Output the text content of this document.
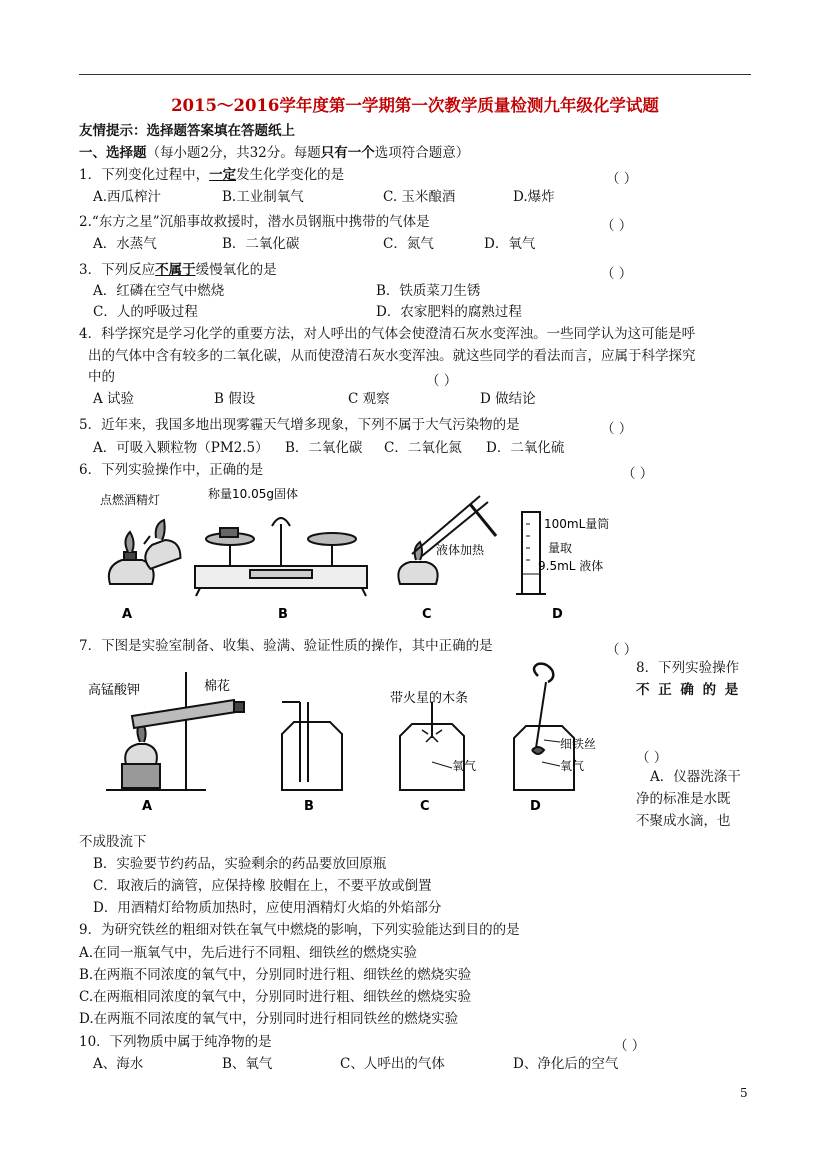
2015～2016学年度第一学期第一次教学质量检测九年级化学试题
友情提示：选择题答案填在答题纸上
一、选择题（每小题2分，共32分。每题只有一个选项符合题意）
1．下列变化过程中，一定发生化学变化的是	（ ）
A.西瓜榨汁	B.工业制氧气	C. 玉米酿酒	D.爆炸
2.“东方之星”沉船事故救援时，潜水员钢瓶中携带的气体是	（ ）
A．水蒸气	B．二氧化碳	C．氮气	D．氧气
3．下列反应不属于缓慢氧化的是	（ ）
A．红磷在空气中燃烧	B．铁质菜刀生锈
C．人的呼吸过程	D．农家肥料的腐熟过程
4．科学探究是学习化学的重要方法，对人呼出的气体会使澄清石灰水变浑浊。一些同学认为这可能是呼
出的气体中含有较多的二氧化碳，从而使澄清石灰水变浑浊。就这些同学的看法而言，应属于科学探究
中的	（ ）
A 试验	B 假设	C 观察	D 做结论
5．近年来，我国多地出现雾霾天气增多现象，下列不属于大气污染物的是	（ ）
A．可吸入颗粒物（PM2.5） B．二氧化碳 C．二氧化氮 D．二氧化硫
6．下列实验操作中，正确的是	（ ）
点燃酒精灯	称量10.05g固体
液体加热
100mL量筒
量取
9.5mL 液体
A	B	C	D
7．下图是实验室制备、收集、验满、验证性质的操作，其中正确的是	（ ）
高锰酸钾	棉花
带火星的木条
氧气
细铁丝
氧气
A	B	C	D
8．下列实验操作
不 正 确 的 是
（ ）
A．仪器洗涤干
净的标准是水既
不聚成水滴，也
不成股流下
B．实验要节约药品，实验剩余的药品要放回原瓶
C．取液后的滴管，应保持橡 胶帽在上，不要平放或倒置
D．用酒精灯给物质加热时，应使用酒精灯火焰的外焰部分
9．为研究铁丝的粗细对铁在氧气中燃烧的影响，下列实验能达到目的的是
A.在同一瓶氧气中，先后进行不同粗、细铁丝的燃烧实验
B.在两瓶不同浓度的氧气中，分别同时进行粗、细铁丝的燃烧实验
C.在两瓶相同浓度的氧气中，分别同时进行粗、细铁丝的燃烧实验
D.在两瓶不同浓度的氧气中，分别同时进行相同铁丝的燃烧实验
10．下列物质中属于纯净物的是	（ ）
A、海水	B、氧气	C、人呼出的气体	D、净化后的空气
5
